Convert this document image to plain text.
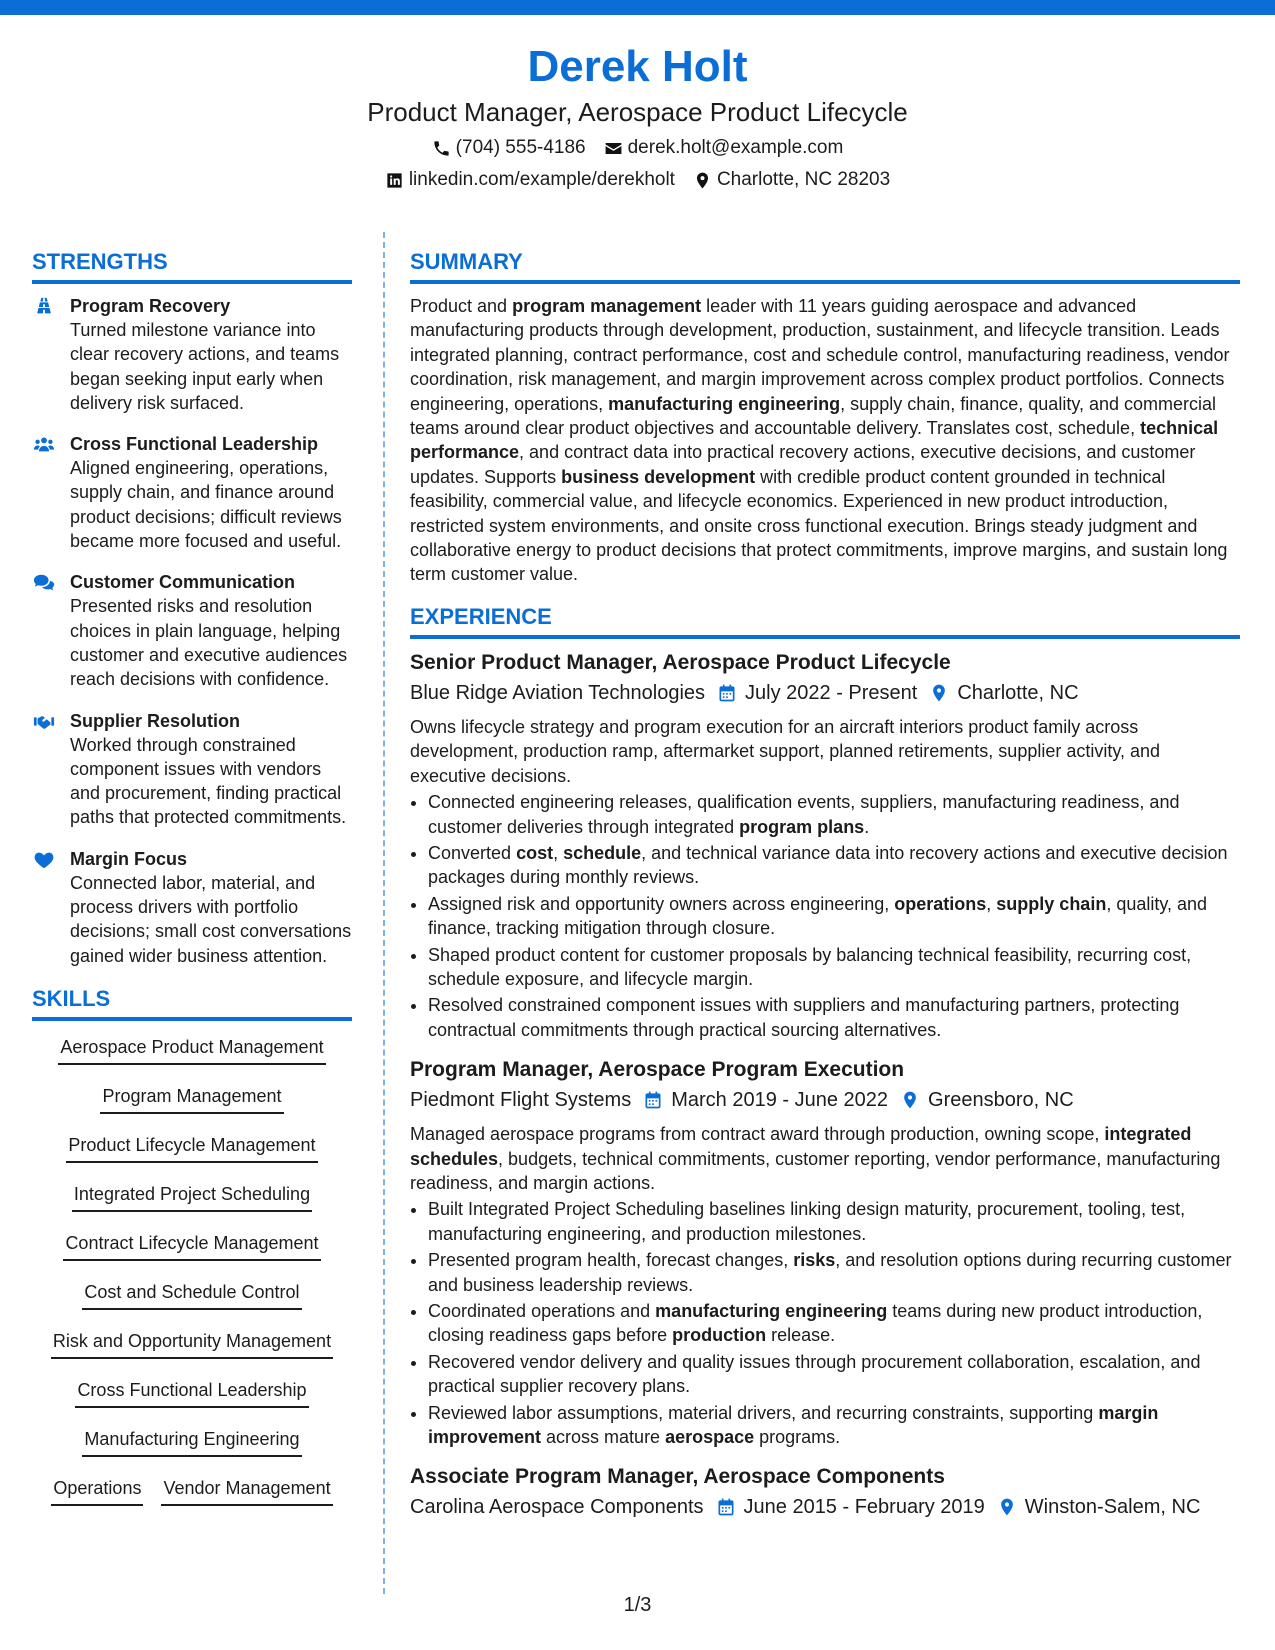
Derek Holt
Product Manager, Aerospace Product Lifecycle
(704) 555-4186 derek.holt@example.com
linkedin.com/example/derekholt Charlotte, NC 28203
STRENGTHS
Program Recovery
Turned milestone variance into clear recovery actions, and teams began seeking input early when delivery risk surfaced.
Cross Functional Leadership
Aligned engineering, operations, supply chain, and finance around product decisions; difficult reviews became more focused and useful.
Customer Communication
Presented risks and resolution choices in plain language, helping customer and executive audiences reach decisions with confidence.
Supplier Resolution
Worked through constrained component issues with vendors and procurement, finding practical paths that protected commitments.
Margin Focus
Connected labor, material, and process drivers with portfolio decisions; small cost conversations gained wider business attention.
SKILLS
Aerospace Product Management
Program Management
Product Lifecycle Management
Integrated Project Scheduling
Contract Lifecycle Management
Cost and Schedule Control
Risk and Opportunity Management
Cross Functional Leadership
Manufacturing Engineering
Operations Vendor Management
SUMMARY

Product and program management leader with 11 years guiding aerospace and advanced manufacturing products through development, production, sustainment, and lifecycle transition. Leads integrated planning, contract performance, cost and schedule control, manufacturing readiness, vendor coordination, risk management, and margin improvement across complex product portfolios. Connects engineering, operations, manufacturing engineering, supply chain, finance, quality, and commercial teams around clear product objectives and accountable delivery. Translates cost, schedule, technical performance, and contract data into practical recovery actions, executive decisions, and customer updates. Supports business development with credible product content grounded in technical feasibility, commercial value, and lifecycle economics. Experienced in new product introduction, restricted system environments, and onsite cross functional execution. Brings steady judgment and collaborative energy to product decisions that protect commitments, improve margins, and sustain long term customer value.

EXPERIENCE
Senior Product Manager, Aerospace Product Lifecycle
Blue Ridge Aviation Technologies July 2022 - Present Charlotte, NC
Owns lifecycle strategy and program execution for an aircraft interiors product family across development, production ramp, aftermarket support, planned retirements, supplier activity, and executive decisions.
• Connected engineering releases, qualification events, suppliers, manufacturing readiness, and customer deliveries through integrated program plans.
• Converted cost, schedule, and technical variance data into recovery actions and executive decision packages during monthly reviews.
• Assigned risk and opportunity owners across engineering, operations, supply chain, quality, and finance, tracking mitigation through closure.
• Shaped product content for customer proposals by balancing technical feasibility, recurring cost, schedule exposure, and lifecycle margin.
• Resolved constrained component issues with suppliers and manufacturing partners, protecting contractual commitments through practical sourcing alternatives.
Program Manager, Aerospace Program Execution
Piedmont Flight Systems March 2019 - June 2022 Greensboro, NC
Managed aerospace programs from contract award through production, owning scope, integrated schedules, budgets, technical commitments, customer reporting, vendor performance, manufacturing readiness, and margin actions.
• Built Integrated Project Scheduling baselines linking design maturity, procurement, tooling, test, manufacturing engineering, and production milestones.
• Presented program health, forecast changes, risks, and resolution options during recurring customer and business leadership reviews.
• Coordinated operations and manufacturing engineering teams during new product introduction, closing readiness gaps before production release.
• Recovered vendor delivery and quality issues through procurement collaboration, escalation, and practical supplier recovery plans.
• Reviewed labor assumptions, material drivers, and recurring constraints, supporting margin improvement across mature aerospace programs.
Associate Program Manager, Aerospace Components
Carolina Aerospace Components June 2015 - February 2019 Winston-Salem, NC
1/3
